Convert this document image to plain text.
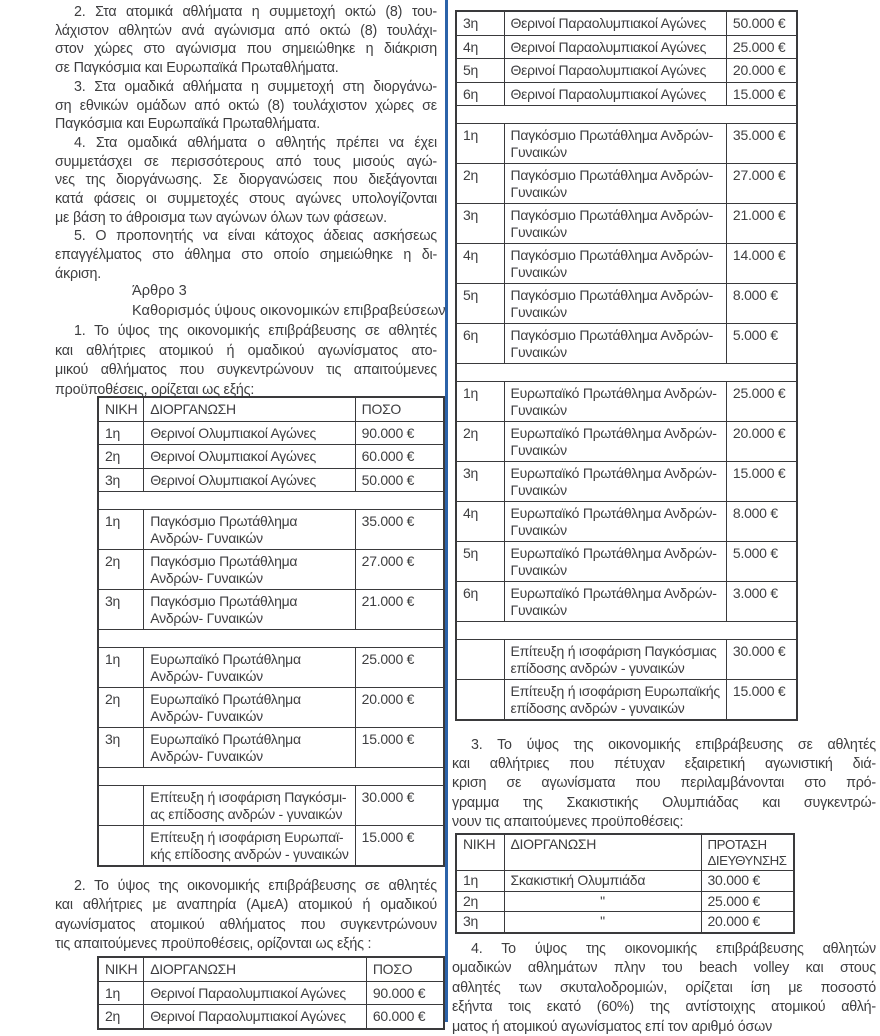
2. Στα ατομικά αθλήματα η συμμετοχή οκτώ (8) του-
λάχιστον αθλητών ανά αγώνισμα από οκτώ (8) τουλάχι-
στον χώρες στο αγώνισμα που σημειώθηκε η διάκριση
σε Παγκόσμια και Ευρωπαϊκά Πρωταθλήματα.
3. Στα ομαδικά αθλήματα η συμμετοχή στη διοργάνω-
ση εθνικών ομάδων από οκτώ (8) τουλάχιστον χώρες σε
Παγκόσμια και Ευρωπαϊκά Πρωταθλήματα.
4. Στα ομαδικά αθλήματα ο αθλητής πρέπει να έχει
συμμετάσχει σε περισσότερους από τους μισούς αγώ-
νες της διοργάνωσης. Σε διοργανώσεις που διεξάγονται
κατά φάσεις οι συμμετοχές στους αγώνες υπολογίζονται
με βάση το άθροισμα των αγώνων όλων των φάσεων.
5. Ο προπονητής να είναι κάτοχος άδειας ασκήσεως
επαγγέλματος στο άθλημα στο οποίο σημειώθηκε η δι-
άκριση.
Άρθρο 3
Καθορισμός ύψους οικονομικών επιβραβεύσεων
1. Το ύψος της οικονομικής επιβράβευσης σε αθλητές
και αθλήτριες ατομικού ή ομαδικού αγωνίσματος ατο-
μικού αθλήματος που συγκεντρώνουν τις απαιτούμενες
προϋποθέσεις, ορίζεται ως εξής:
ΝΙΚΗ	ΔΙΟΡΓΑΝΩΣΗ	ΠΟΣΟ
1η	Θερινοί Ολυμπιακοί Αγώνες	90.000 €
2η	Θερινοί Ολυμπιακοί Αγώνες	60.000 €
3η	Θερινοί Ολυμπιακοί Αγώνες	50.000 €

1η	Παγκόσμιο Πρωτάθλημα
Ανδρών- Γυναικών	35.000 €
2η	Παγκόσμιο Πρωτάθλημα
Ανδρών- Γυναικών	27.000 €
3η	Παγκόσμιο Πρωτάθλημα
Ανδρών- Γυναικών	21.000 €

1η	Ευρωπαϊκό Πρωτάθλημα
Ανδρών- Γυναικών	25.000 €
2η	Ευρωπαϊκό Πρωτάθλημα
Ανδρών- Γυναικών	20.000 €
3η	Ευρωπαϊκό Πρωτάθλημα
Ανδρών- Γυναικών	15.000 €

	Επίτευξη ή ισοφάριση Παγκόσμι-
ας επίδοσης ανδρών - γυναικών	30.000 €

	Επίτευξη ή ισοφάριση Ευρωπαϊ-
κής επίδοσης ανδρών - γυναικών	15.000 €
2. Το ύψος της οικονομικής επιβράβευσης σε αθλητές
και αθλήτριες με αναπηρία (ΑμεΑ) ατομικού ή ομαδικού
αγωνίσματος ατομικού αθλήματος που συγκεντρώνουν
τις απαιτούμενες προϋποθέσεις, ορίζονται ως εξής :
ΝΙΚΗ	ΔΙΟΡΓΑΝΩΣΗ	ΠΟΣΟ
1η	Θερινοί Παραολυμπιακοί Αγώνες	90.000 €
2η	Θερινοί Παραολυμπιακοί Αγώνες	60.000 €
3η	Θερινοί Παραολυμπιακοί Αγώνες	50.000 €
4η	Θερινοί Παραολυμπιακοί Αγώνες	25.000 €
5η	Θερινοί Παραολυμπιακοί Αγώνες	20.000 €
6η	Θερινοί Παραολυμπιακοί Αγώνες	15.000 €

1η	Παγκόσμιο Πρωτάθλημα Ανδρών-
Γυναικών	35.000 €
2η	Παγκόσμιο Πρωτάθλημα Ανδρών-
Γυναικών	27.000 €
3η	Παγκόσμιο Πρωτάθλημα Ανδρών-
Γυναικών	21.000 €
4η	Παγκόσμιο Πρωτάθλημα Ανδρών-
Γυναικών	14.000 €
5η	Παγκόσμιο Πρωτάθλημα Ανδρών-
Γυναικών	8.000 €
6η	Παγκόσμιο Πρωτάθλημα Ανδρών-
Γυναικών	5.000 €

1η	Ευρωπαϊκό Πρωτάθλημα Ανδρών-
Γυναικών	25.000 €
2η	Ευρωπαϊκό Πρωτάθλημα Ανδρών-
Γυναικών	20.000 €
3η	Ευρωπαϊκό Πρωτάθλημα Ανδρών-
Γυναικών	15.000 €
4η	Ευρωπαϊκό Πρωτάθλημα Ανδρών-
Γυναικών	8.000 €
5η	Ευρωπαϊκό Πρωτάθλημα Ανδρών-
Γυναικών	5.000 €
6η	Ευρωπαϊκό Πρωτάθλημα Ανδρών-
Γυναικών	3.000 €

	Επίτευξη ή ισοφάριση Παγκόσμιας
επίδοσης ανδρών - γυναικών	30.000 €

	Επίτευξη ή ισοφάριση Ευρωπαϊκής
επίδοσης ανδρών - γυναικών	15.000 €
3. Το ύψος της οικονομικής επιβράβευσης σε αθλητές
και αθλήτριες που πέτυχαν εξαιρετική αγωνιστική διά-
κριση σε αγωνίσματα που περιλαμβάνονται στο πρό-
γραμμα της Σκακιστικής Ολυμπιάδας και συγκεντρώ-
νουν τις απαιτούμενες προϋποθέσεις:
ΝΙΚΗ	ΔΙΟΡΓΑΝΩΣΗ	ΠΡΟΤΑΣΗ ΔΙΕΥΘΥΝΣΗΣ
1η	Σκακιστική Ολυμπιάδα	30.000 €
2η	"	25.000 €
3η	"	20.000 €
4. Το ύψος της οικονομικής επιβράβευσης αθλητών
ομαδικών αθλημάτων πλην του beach volley και στους
αθλητές των σκυταλοδρομιών, ορίζεται ίση με ποσοστό
εξήντα τοις εκατό (60%) της αντίστοιχης ατομικού αθλή-
ματος ή ατομικού αγωνίσματος επί τον αριθμό όσων
